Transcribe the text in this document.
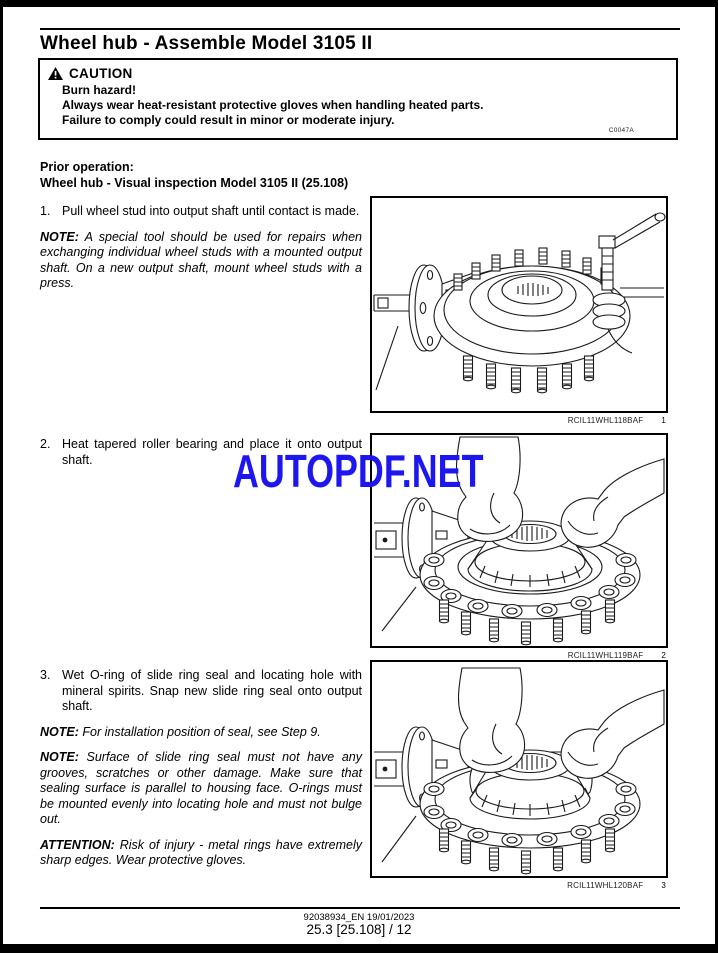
Wheel hub - Assemble Model 3105 II
CAUTION
Burn hazard!
Always wear heat-resistant protective gloves when handling heated parts.
Failure to comply could result in minor or moderate injury.
C0047A
Prior operation:
Wheel hub - Visual inspection Model 3105 II (25.108)
1. Pull wheel stud into output shaft until contact is made.

NOTE: A special tool should be used for repairs when exchanging individual wheel studs with a mounted output shaft. On a new output shaft, mount wheel studs with a press.

2. Heat tapered roller bearing and place it onto output shaft.
3. Wet O-ring of slide ring seal and locating hole with mineral spirits. Snap new slide ring seal onto output shaft.

NOTE: For installation position of seal, see Step 9.

NOTE: Surface of slide ring seal must not have any grooves, scratches or other damage. Make sure that sealing surface is parallel to housing face. O-rings must be mounted evenly into locating hole and must not bulge out.

ATTENTION: Risk of injury - metal rings have extremely sharp edges. Wear protective gloves.

RCIL11WHL118BAF 1
RCIL11WHL119BAF 2
RCIL11WHL120BAF 3
AUTOPDF.NET
92038934_EN 19/01/2023
25.3 [25.108] / 12
